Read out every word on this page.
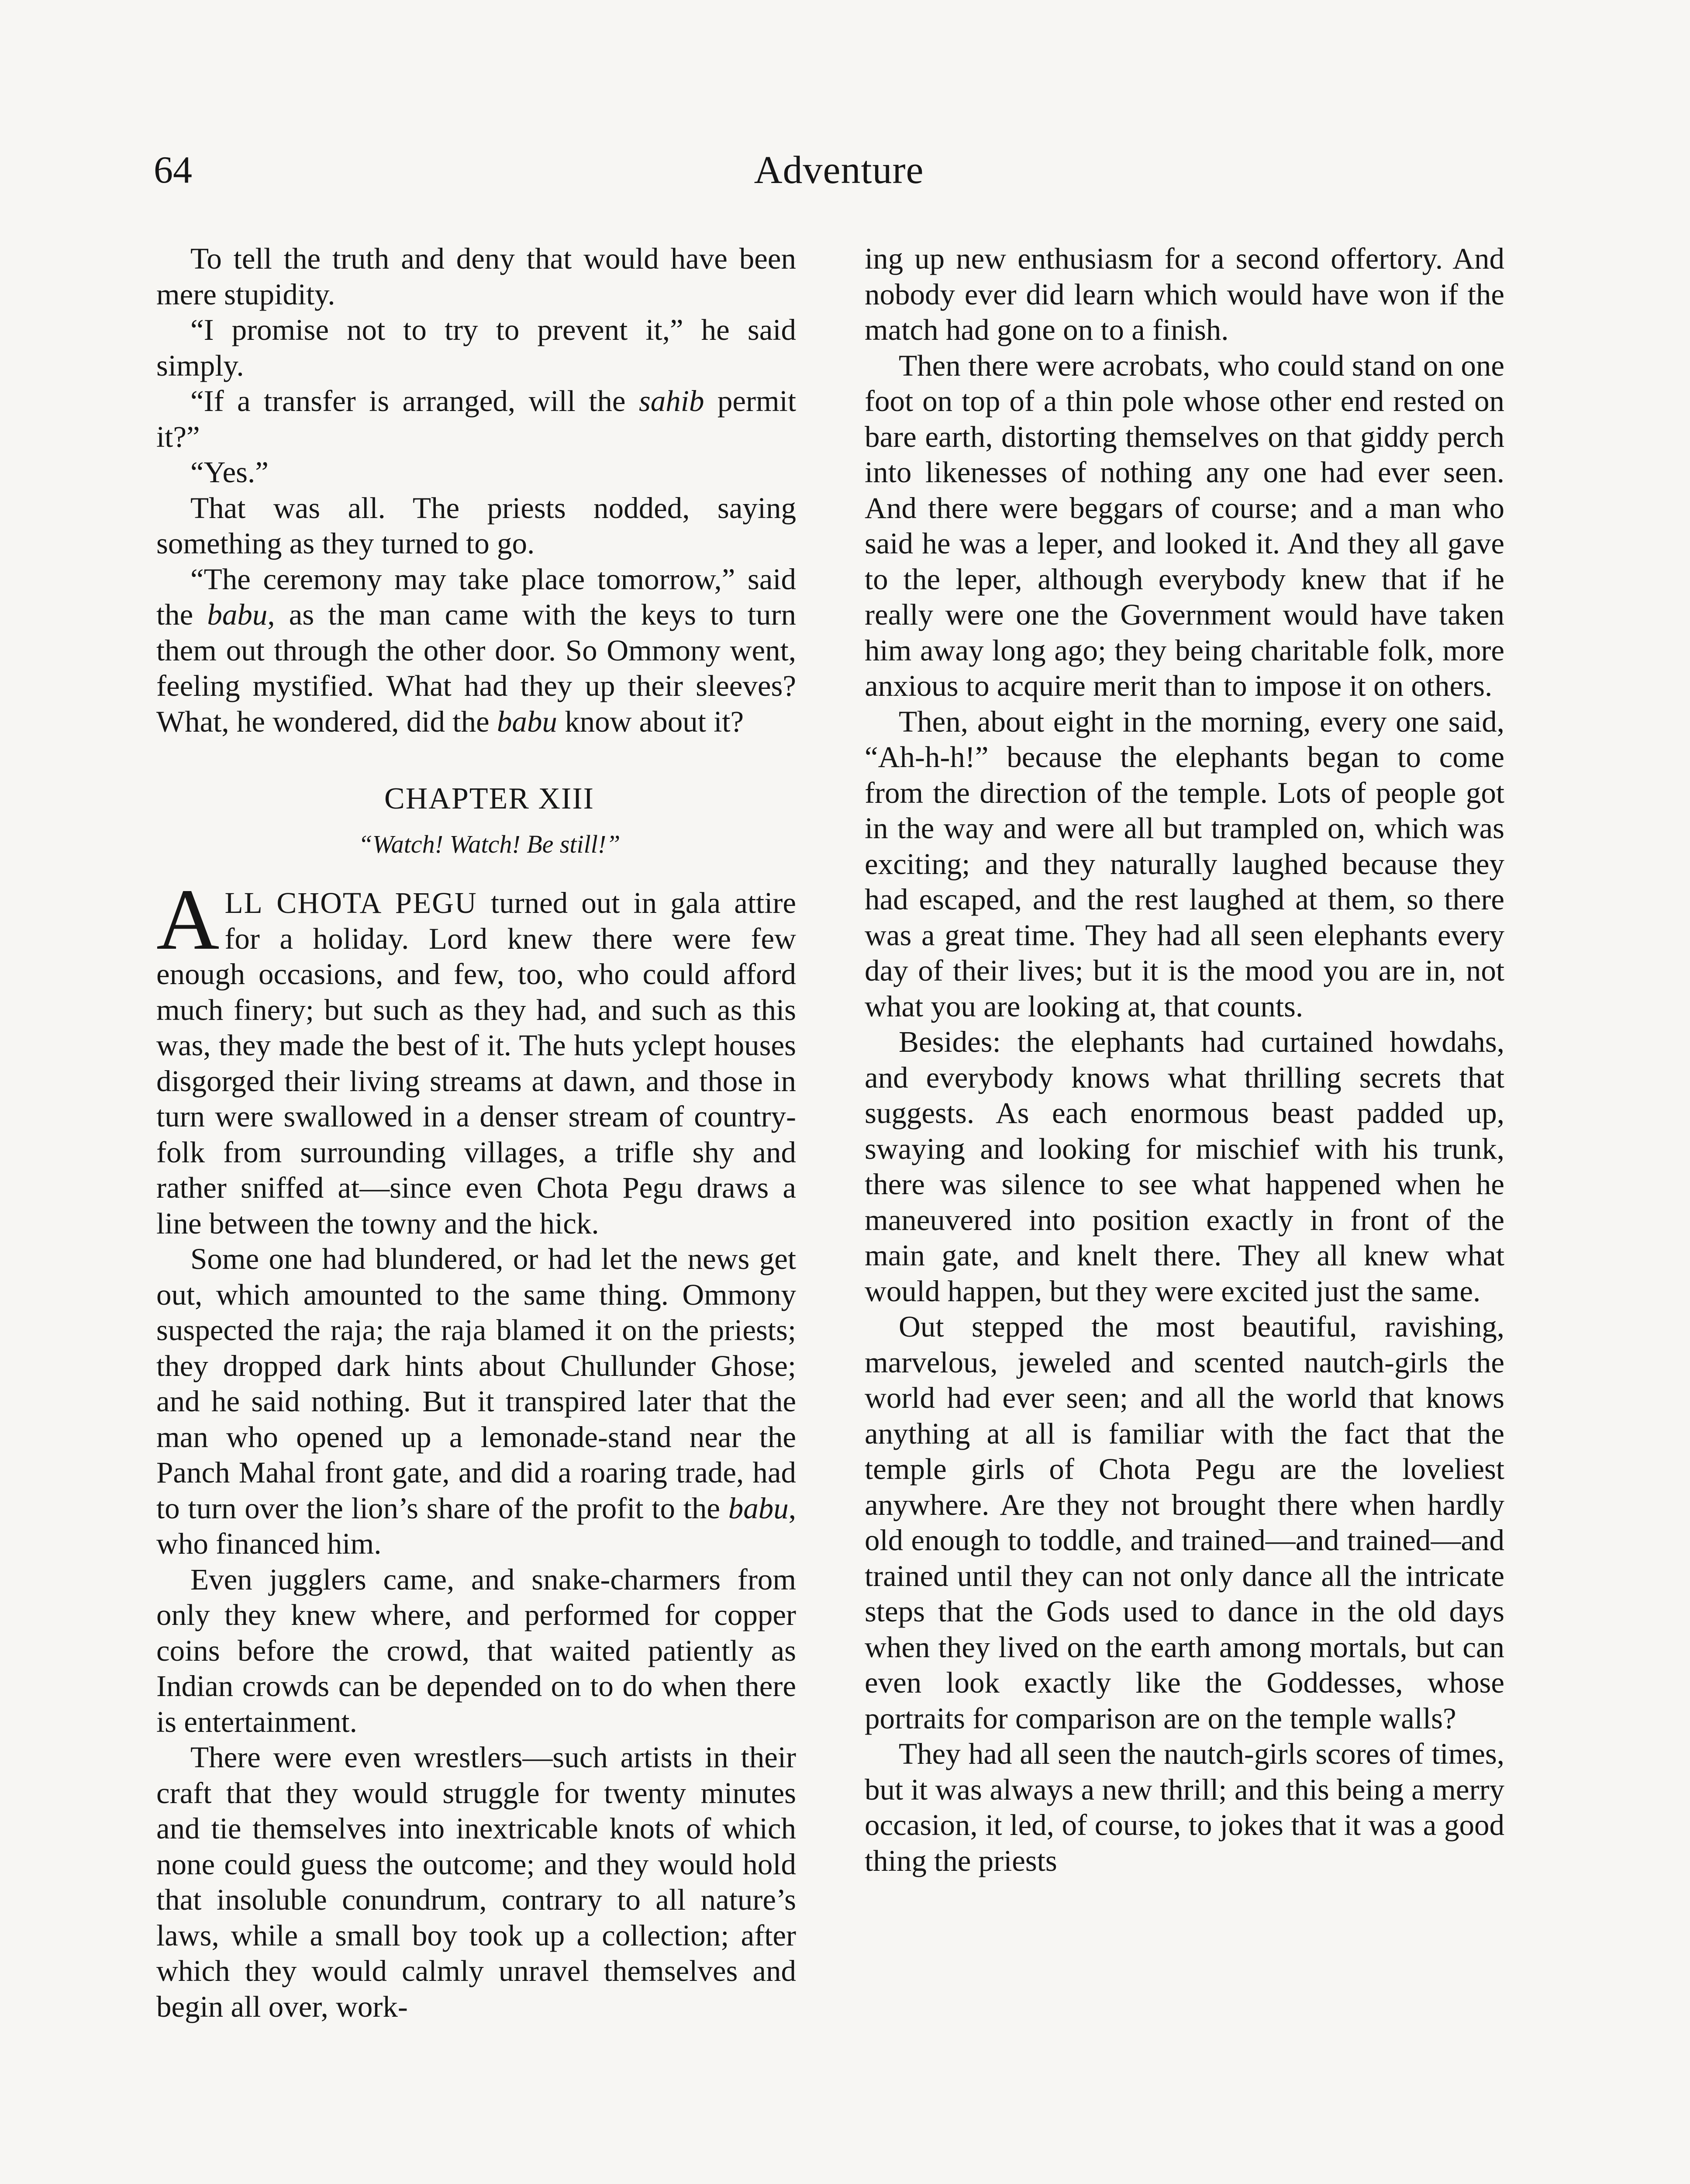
64	Adventure

To tell the truth and deny that would have been mere stupidity.

“I promise not to try to prevent it,” he said simply.

“If a transfer is arranged, will the sahib permit it?”

“Yes.”

That was all. The priests nodded, saying something as they turned to go.

“The ceremony may take place tomorrow,” said the babu, as the man came with the keys to turn them out through the other door. So Ommony went, feeling mystified. What had they up their sleeves? What, he wondered, did the babu know about it?

CHAPTER XIII
“Watch! Watch! Be still!”

ALL CHOTA PEGU turned out in gala attire for a holiday. Lord knew there were few enough occasions, and few, too, who could afford much finery; but such as they had, and such as this was, they made the best of it. The huts yclept houses disgorged their living streams at dawn, and those in turn were swallowed in a denser stream of country-folk from surrounding villages, a trifle shy and rather sniffed at—since even Chota Pegu draws a line between the towny and the hick.

Some one had blundered, or had let the news get out, which amounted to the same thing. Ommony suspected the raja; the raja blamed it on the priests; they dropped dark hints about Chullunder Ghose; and he said nothing. But it transpired later that the man who opened up a lemonade-stand near the Panch Mahal front gate, and did a roaring trade, had to turn over the lion’s share of the profit to the babu, who financed him.

Even jugglers came, and snake-charmers from only they knew where, and performed for copper coins before the crowd, that waited patiently as Indian crowds can be depended on to do when there is entertainment.

There were even wrestlers—such artists in their craft that they would struggle for twenty minutes and tie themselves into inextricable knots of which none could guess the outcome; and they would hold that insoluble conundrum, contrary to all nature’s laws, while a small boy took up a collection; after which they would calmly unravel themselves and begin all over, work-

ing up new enthusiasm for a second offertory. And nobody ever did learn which would have won if the match had gone on to a finish.

Then there were acrobats, who could stand on one foot on top of a thin pole whose other end rested on bare earth, distorting themselves on that giddy perch into likenesses of nothing any one had ever seen. And there were beggars of course; and a man who said he was a leper, and looked it. And they all gave to the leper, although everybody knew that if he really were one the Government would have taken him away long ago; they being charitable folk, more anxious to acquire merit than to impose it on others.

Then, about eight in the morning, every one said, “Ah-h-h!” because the elephants began to come from the direction of the temple. Lots of people got in the way and were all but trampled on, which was exciting; and they naturally laughed because they had escaped, and the rest laughed at them, so there was a great time. They had all seen elephants every day of their lives; but it is the mood you are in, not what you are looking at, that counts.

Besides: the elephants had curtained howdahs, and everybody knows what thrilling secrets that suggests. As each enormous beast padded up, swaying and looking for mischief with his trunk, there was silence to see what happened when he maneuvered into position exactly in front of the main gate, and knelt there. They all knew what would happen, but they were excited just the same.

Out stepped the most beautiful, ravishing, marvelous, jeweled and scented nautch-girls the world had ever seen; and all the world that knows anything at all is familiar with the fact that the temple girls of Chota Pegu are the loveliest anywhere. Are they not brought there when hardly old enough to toddle, and trained—and trained—and trained until they can not only dance all the intricate steps that the Gods used to dance in the old days when they lived on the earth among mortals, but can even look exactly like the Goddesses, whose portraits for comparison are on the temple walls?

They had all seen the nautch-girls scores of times, but it was always a new thrill; and this being a merry occasion, it led, of course, to jokes that it was a good thing the priests
